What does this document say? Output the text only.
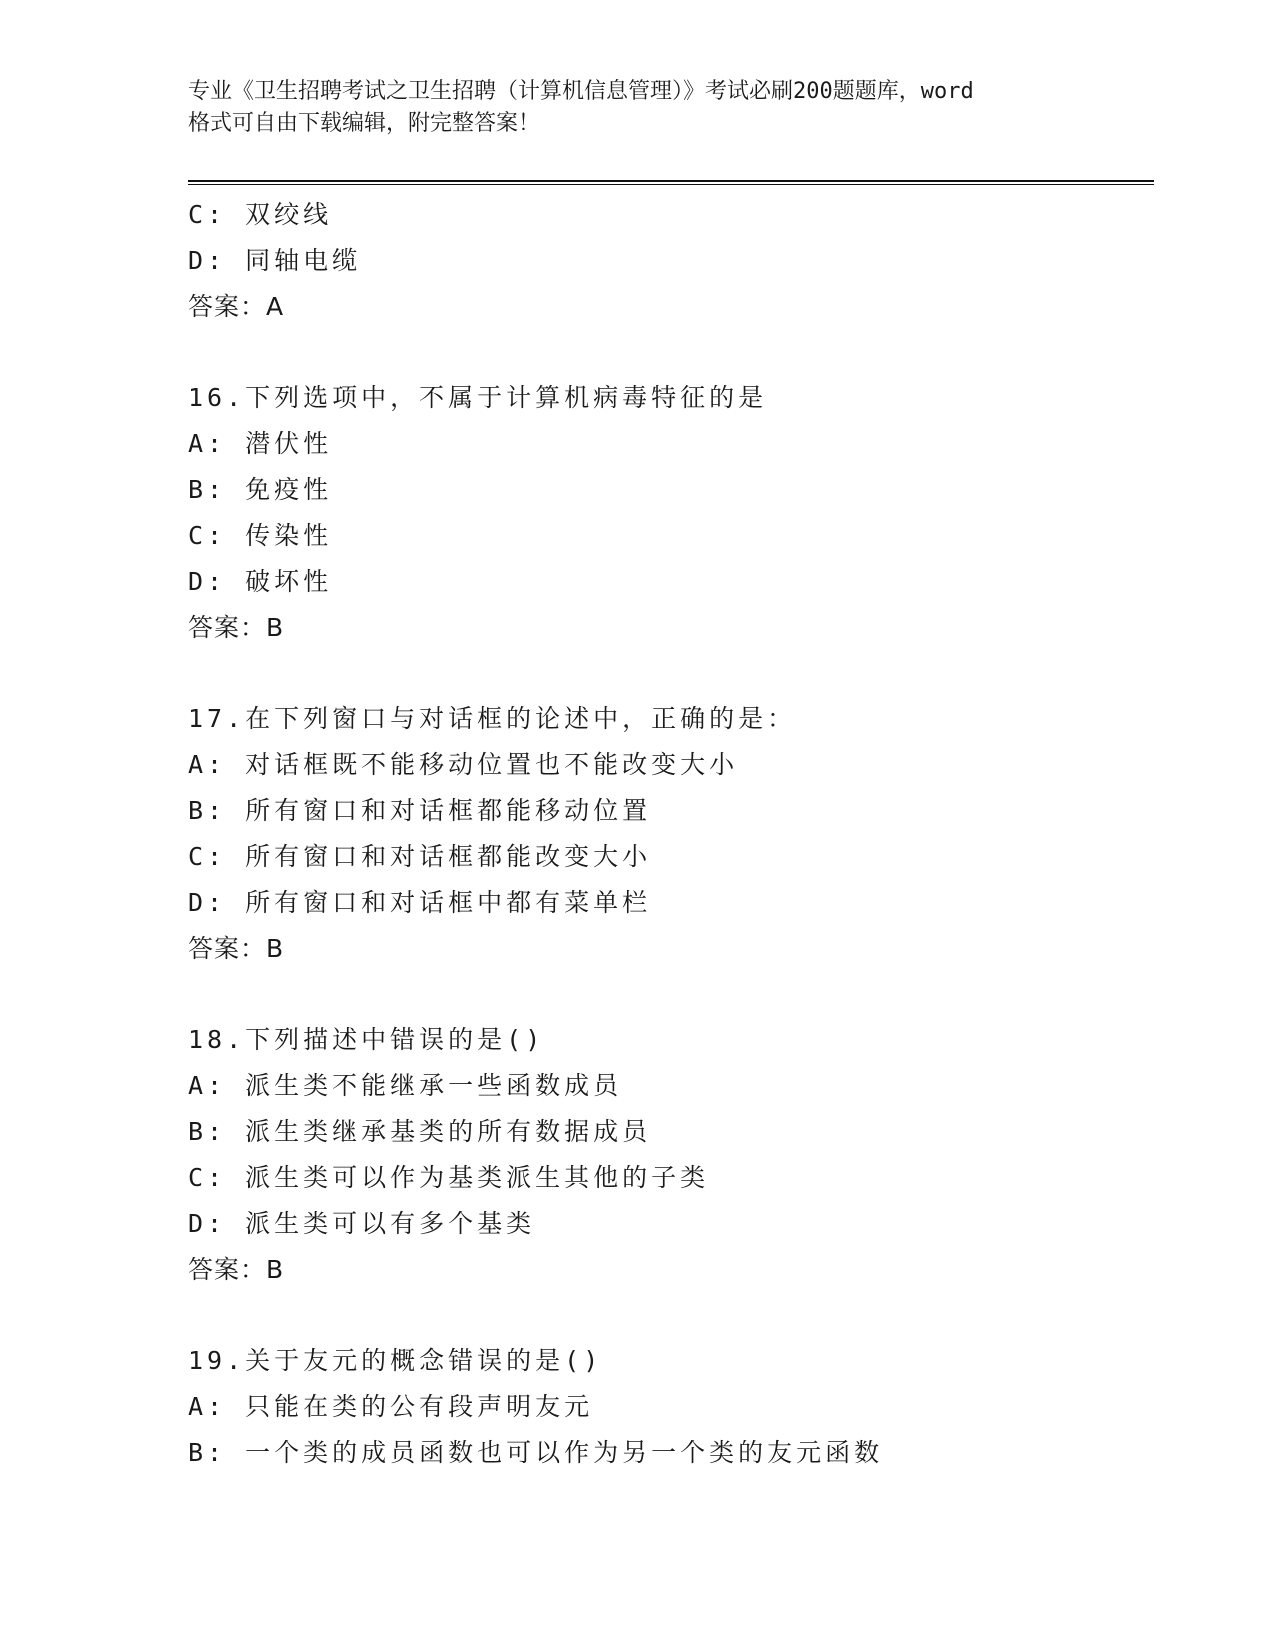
专业《卫生招聘考试之卫生招聘（计算机信息管理）》考试必刷200题题库，word
格式可自由下载编辑，附完整答案！
C: 双绞线
D: 同轴电缆
答案：A
16.下列选项中，不属于计算机病毒特征的是
A: 潜伏性
B: 免疫性
C: 传染性
D: 破坏性
答案：B
17.在下列窗口与对话框的论述中，正确的是：
A: 对话框既不能移动位置也不能改变大小
B: 所有窗口和对话框都能移动位置
C: 所有窗口和对话框都能改变大小
D: 所有窗口和对话框中都有菜单栏
答案：B
18.下列描述中错误的是()
A: 派生类不能继承一些函数成员
B: 派生类继承基类的所有数据成员
C: 派生类可以作为基类派生其他的子类
D: 派生类可以有多个基类
答案：B
19.关于友元的概念错误的是()
A: 只能在类的公有段声明友元
B: 一个类的成员函数也可以作为另一个类的友元函数
